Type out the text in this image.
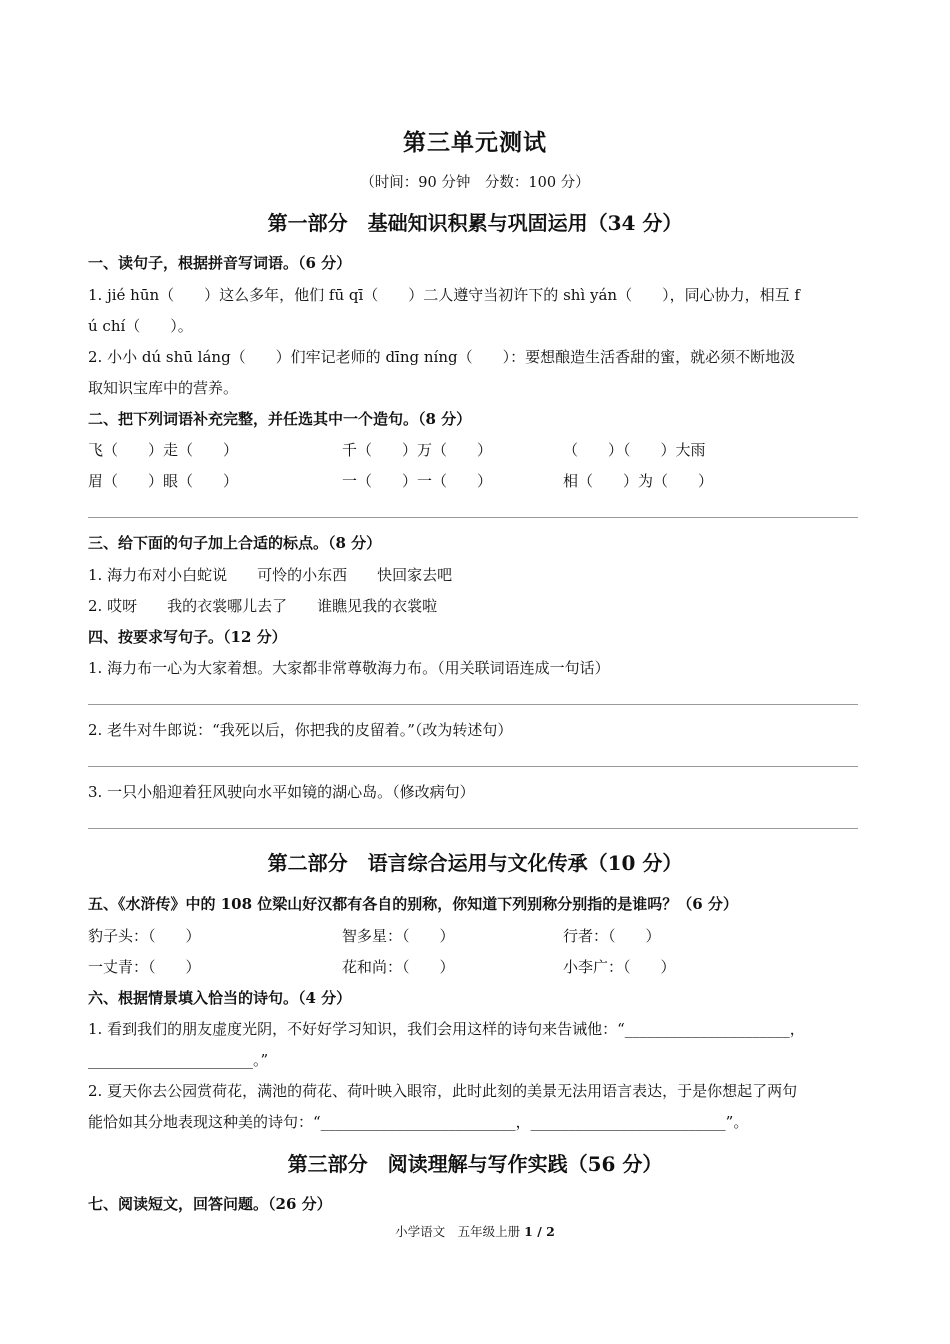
第三单元测试
（时间：90 分钟　分数：100 分）
第一部分　基础知识积累与巩固运用（34 分）
一、读句子，根据拼音写词语。（6 分）
1. jié hūn（　　）这么多年，他们 fū qī（　　）二人遵守当初许下的 shì yán（　　），同心协力，相互 f
ú chí（　　）。
2. 小小 dú shū láng（　　）们牢记老师的 dīng níng（　　）：要想酿造生活香甜的蜜，就必须不断地汲
取知识宝库中的营养。
二、把下列词语补充完整，并任选其中一个造句。（8 分）
飞（　　）走（　　）	千（　　）万（　　）	（　　）（　　）大雨
眉（　　）眼（　　）	一（　　）一（　　）	相（　　）为（　　）
三、给下面的句子加上合适的标点。（8 分）
1. 海力布对小白蛇说　　可怜的小东西　　快回家去吧
2. 哎呀　　我的衣裳哪儿去了　　谁瞧见我的衣裳啦
四、按要求写句子。（12 分）
1. 海力布一心为大家着想。大家都非常尊敬海力布。（用关联词语连成一句话）
2. 老牛对牛郎说：“我死以后，你把我的皮留着。”（改为转述句）
3. 一只小船迎着狂风驶向水平如镜的湖心岛。（修改病句）
第二部分　语言综合运用与文化传承（10 分）
五、《水浒传》中的 108 位梁山好汉都有各自的别称，你知道下列别称分别指的是谁吗？（6 分）
豹子头：（　　）	智多星：（　　）	行者：（　　）
一丈青：（　　）	花和尚：（　　）	小李广：（　　）
六、根据情景填入恰当的诗句。（4 分）
1. 看到我们的朋友虚度光阴，不好好学习知识，我们会用这样的诗句来告诫他：“______________________，
______________________。”
2. 夏天你去公园赏荷花，满池的荷花、荷叶映入眼帘，此时此刻的美景无法用语言表达，于是你想起了两句
能恰如其分地表现这种美的诗句：“__________________________，__________________________”。
第三部分　阅读理解与写作实践（56 分）
七、阅读短文，回答问题。（26 分）
小学语文　五年级上册 1 / 2
